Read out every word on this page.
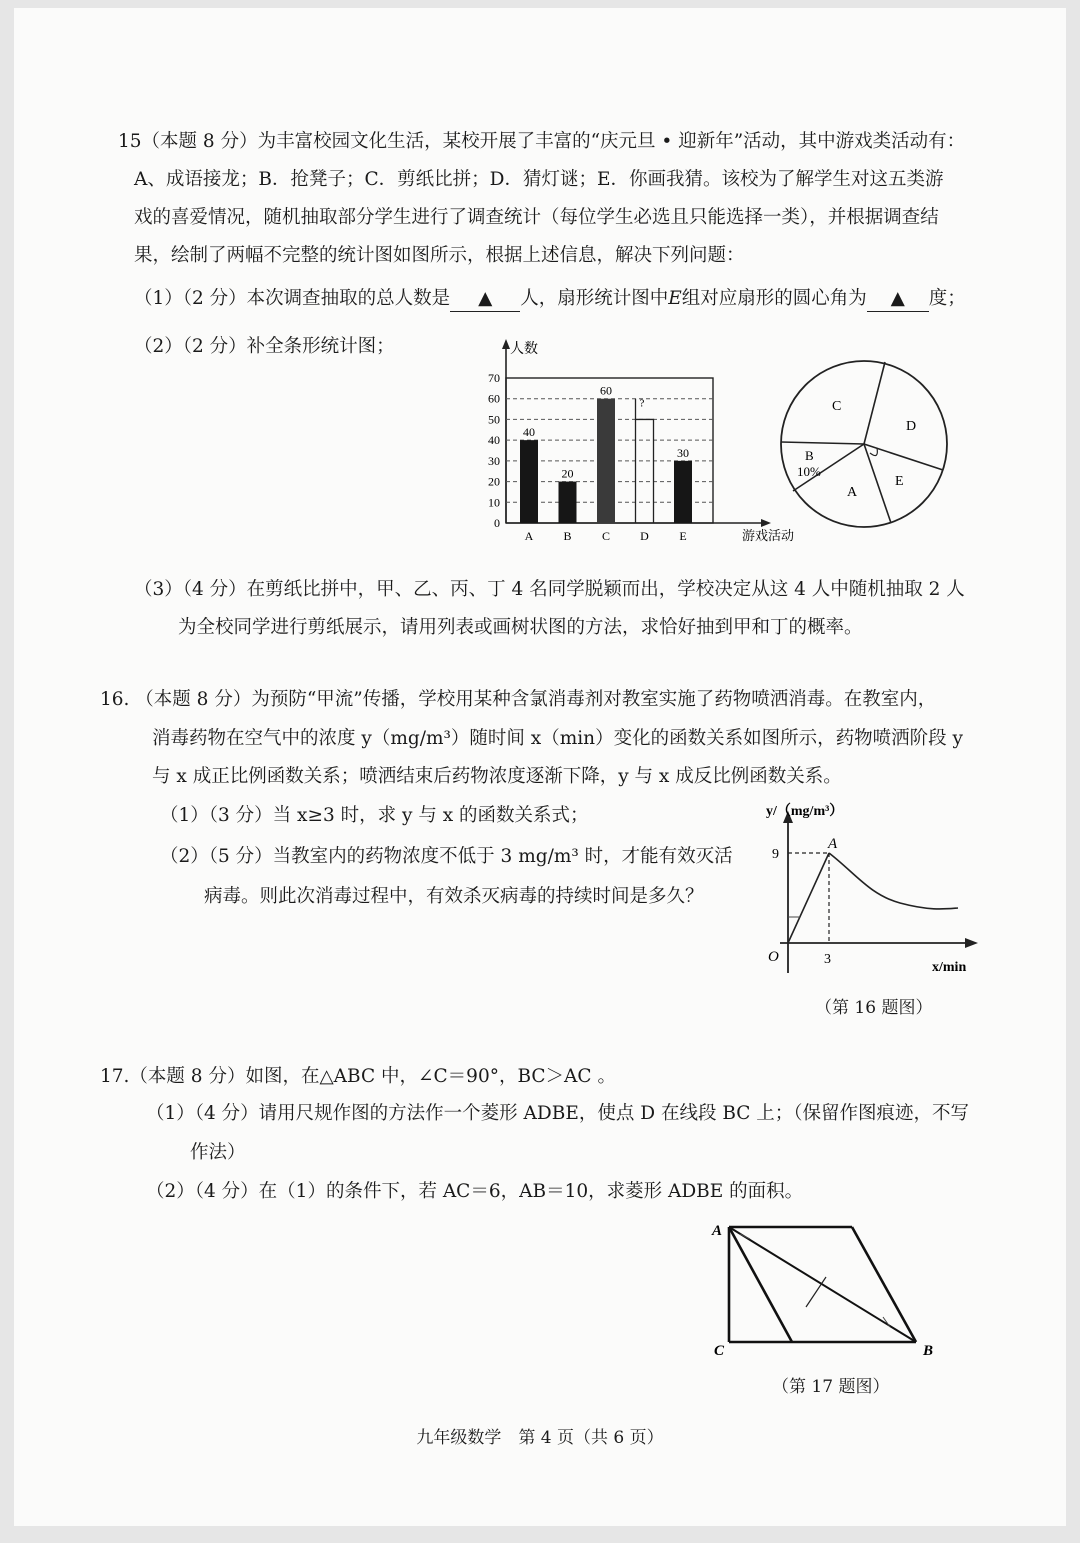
15（本题 8 分）为丰富校园文化生活，某校开展了丰富的“庆元旦 • 迎新年”活动，其中游戏类活动有：
A、成语接龙；B．抢凳子；C．剪纸比拼；D．猜灯谜；E．你画我猜。该校为了解学生对这五类游
戏的喜爱情况，随机抽取部分学生进行了调查统计（每位学生必选且只能选择一类），并根据调查结
果，绘制了两幅不完整的统计图如图所示，根据上述信息，解决下列问题：
（1）（2 分）本次调查抽取的总人数是 ▲ 人，扇形统计图中E组对应扇形的圆心角为 ▲ 度；
（2）（2 分）补全条形统计图；
0
10
20
30
40
50
60
70
A	B	C	D	E
40
20
60
?
30
人数
游戏活动
C
D
B
10%
E
A
（3）（4 分）在剪纸比拼中，甲、乙、丙、丁 4 名同学脱颖而出，学校决定从这 4 人中随机抽取 2 人
为全校同学进行剪纸展示，请用列表或画树状图的方法，求恰好抽到甲和丁的概率。
16. （本题 8 分）为预防“甲流”传播，学校用某种含氯消毒剂对教室实施了药物喷洒消毒。在教室内，
消毒药物在空气中的浓度 y（mg/m³）随时间 x（min）变化的函数关系如图所示，药物喷洒阶段 y
与 x 成正比例函数关系；喷洒结束后药物浓度逐渐下降，y 与 x 成反比例函数关系。
（1）（3 分）当 x≥3 时，求 y 与 x 的函数关系式；
（2）（5 分）当教室内的药物浓度不低于 3 mg/m³ 时，才能有效灭活
病毒。则此次消毒过程中，有效杀灭病毒的持续时间是多久？
y/（mg/m³）
A
9
O	3
x/min
（第 16 题图）
17.（本题 8 分）如图，在△ABC 中，∠C＝90°，BC＞AC 。
（1）（4 分）请用尺规作图的方法作一个菱形 ADBE，使点 D 在线段 BC 上；（保留作图痕迹，不写
作法）
（2）（4 分）在（1）的条件下，若 AC＝6，AB＝10，求菱形 ADBE 的面积。
A
C	B
（第 17 题图）
九年级数学　第 4 页（共 6 页）
